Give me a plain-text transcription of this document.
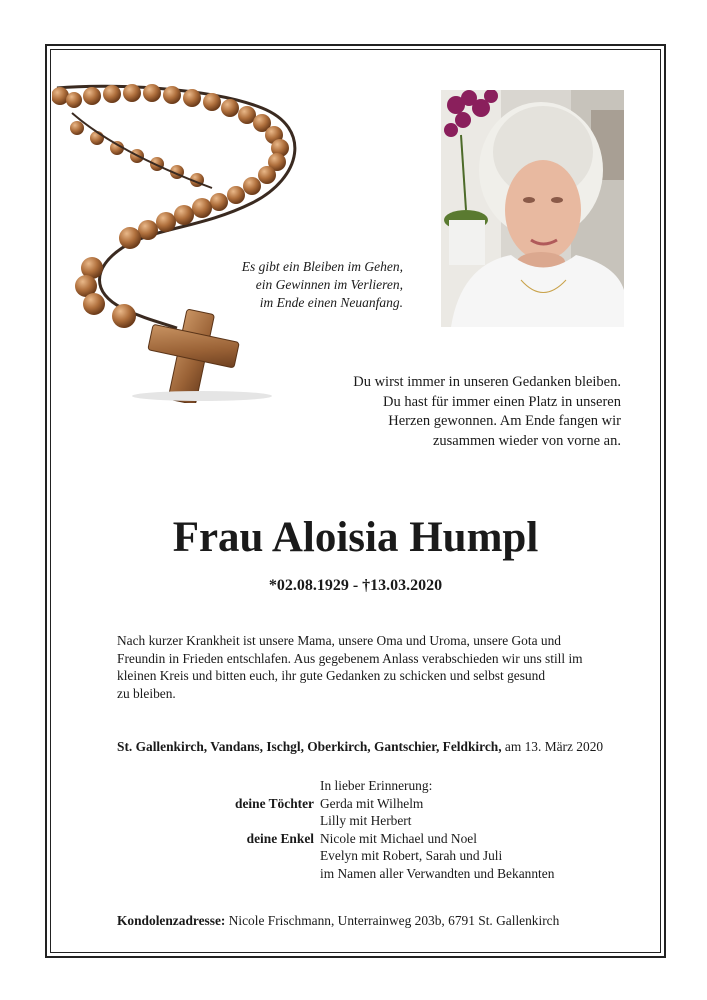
Es gibt ein Bleiben im Gehen,
ein Gewinnen im Verlieren,
im Ende einen Neuanfang.
Du wirst immer in unseren Gedanken bleiben.
Du hast für immer einen Platz in unseren
Herzen gewonnen. Am Ende fangen wir
zusammen wieder von vorne an.
Frau Aloisia Humpl
*02.08.1929 - †13.03.2020
Nach kurzer Krankheit ist unsere Mama, unsere Oma und Uroma, unsere Gota und
Freundin in Frieden entschlafen. Aus gegebenem Anlass verabschieden wir uns still im
kleinen Kreis und bitten euch, ihr gute Gedanken zu schicken und selbst gesund
zu bleiben.
St. Gallenkirch, Vandans, Ischgl, Oberkirch, Gantschier, Feldkirch, am 13. März 2020
In lieber Erinnerung:
deine Töchter Gerda mit Wilhelm
Lilly mit Herbert
deine Enkel Nicole mit Michael und Noel
Evelyn mit Robert, Sarah und Juli
im Namen aller Verwandten und Bekannten
Kondolenzadresse: Nicole Frischmann, Unterrainweg 203b, 6791 St. Gallenkirch
